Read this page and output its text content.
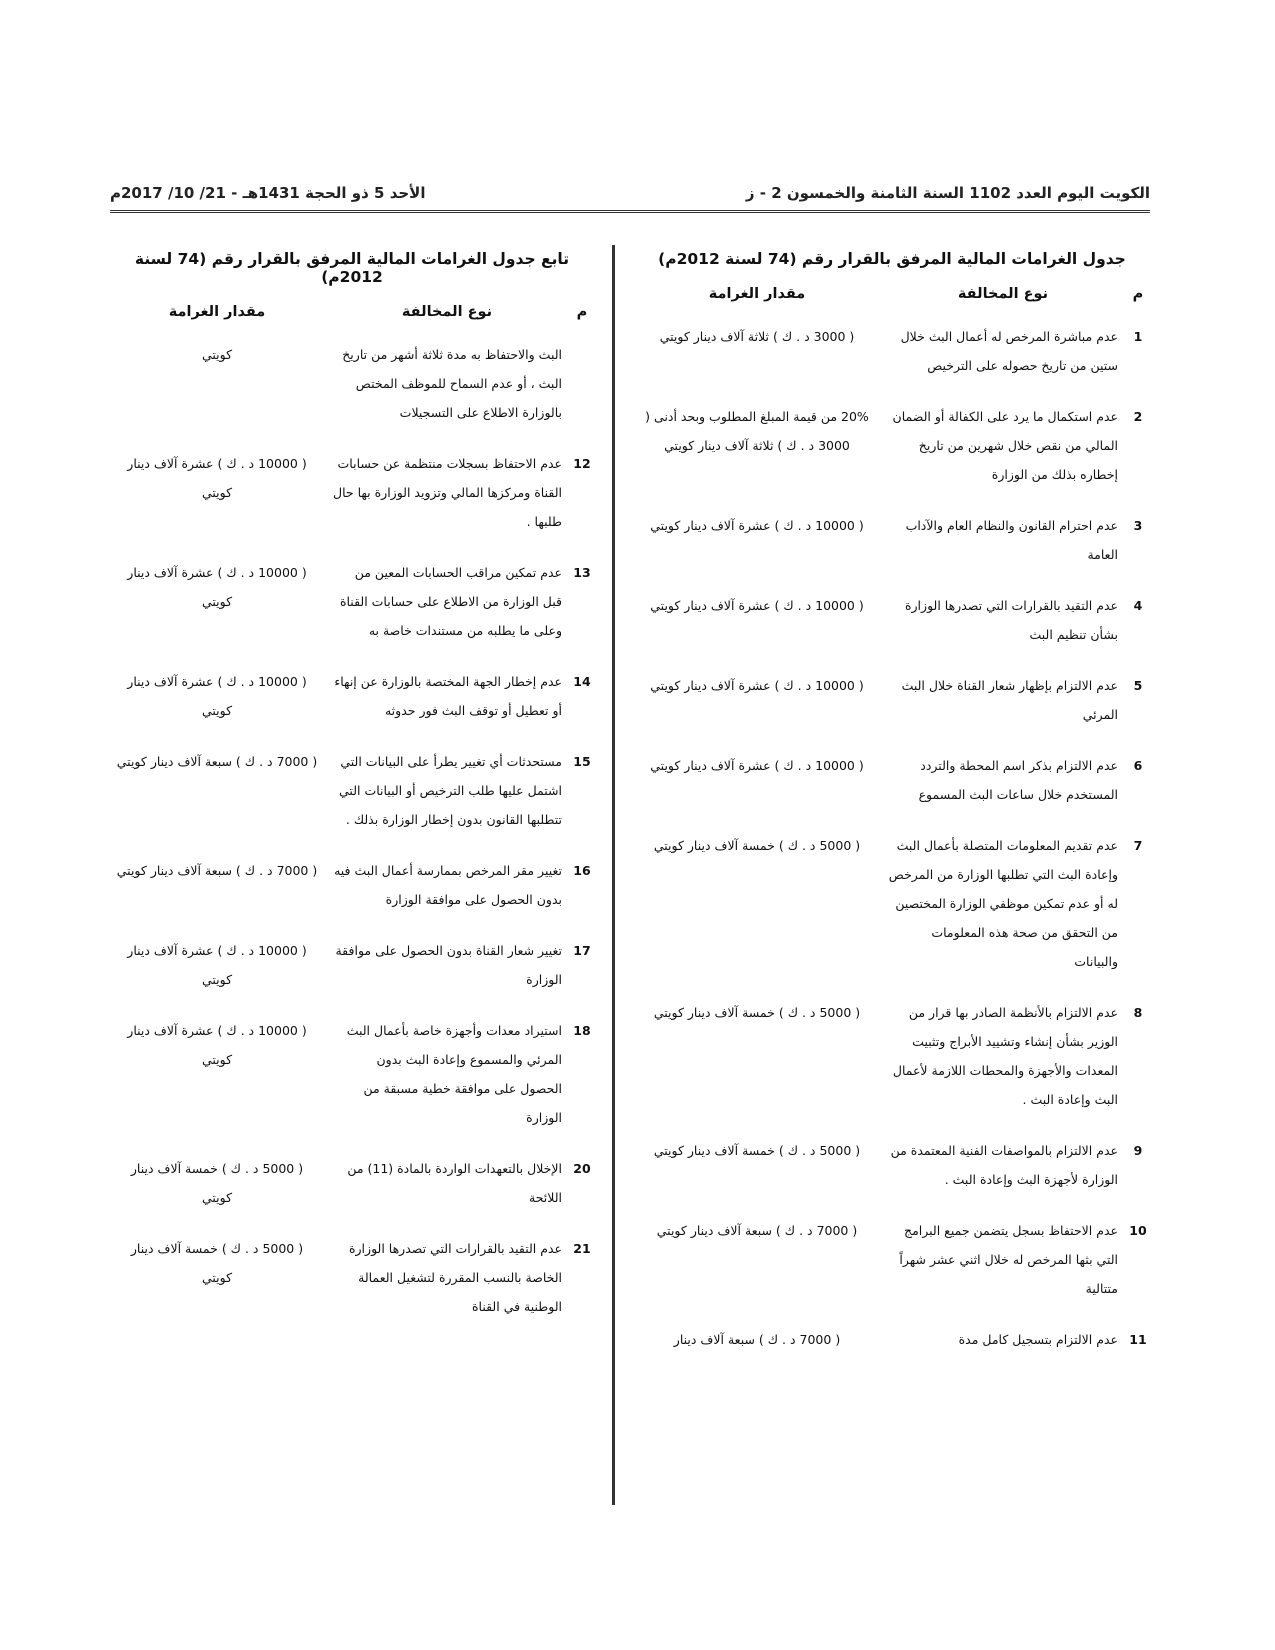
الكويت اليوم العدد 1102 السنة الثامنة والخمسون 2 - ز
الأحد 5 ذو الحجة 1431هـ - 21/ 10/ 2017م
جدول الغرامات المالية المرفق بالقرار رقم (74 لسنة 2012م)
م
نوع المخالفة
مقدار الغرامة
1
عدم مباشرة المرخص له أعمال البث خلال ستين من تاريخ حصوله على الترخيص
( 3000 د . ك ) ثلاثة آلاف دينار كويتي
2
عدم استكمال ما يرد على الكفالة أو الضمان المالي من نقص خلال شهرين من تاريخ إخطاره بذلك من الوزارة
20% من قيمة المبلغ المطلوب وبحد أدنى ( 3000 د . ك ) ثلاثة آلاف دينار كويتي
3
عدم احترام القانون والنظام العام والآداب العامة
( 10000 د . ك ) عشرة آلاف دينار كويتي
4
عدم التقيد بالقرارات التي تصدرها الوزارة بشأن تنظيم البث
( 10000 د . ك ) عشرة آلاف دينار كويتي
5
عدم الالتزام بإظهار شعار القناة خلال البث المرئي
( 10000 د . ك ) عشرة آلاف دينار كويتي
6
عدم الالتزام بذكر اسم المحطة والتردد المستخدم خلال ساعات البث المسموع
( 10000 د . ك ) عشرة آلاف دينار كويتي
7
عدم تقديم المعلومات المتصلة بأعمال البث وإعادة البث التي تطلبها الوزارة من المرخص له أو عدم تمكين موظفي الوزارة المختصين من التحقق من صحة هذه المعلومات والبيانات
( 5000 د . ك ) خمسة آلاف دينار كويتي
8
عدم الالتزام بالأنظمة الصادر بها قرار من الوزير بشأن إنشاء وتشييد الأبراج وتثبيت المعدات والأجهزة والمحطات اللازمة لأعمال البث وإعادة البث .
( 5000 د . ك ) خمسة آلاف دينار كويتي
9
عدم الالتزام بالمواصفات الفنية المعتمدة من الوزارة لأجهزة البث وإعادة البث .
( 5000 د . ك ) خمسة آلاف دينار كويتي
10
عدم الاحتفاظ بسجل يتضمن جميع البرامج التي بثها المرخص له خلال اثني عشر شهراً متتالية
( 7000 د . ك ) سبعة آلاف دينار كويتي
11
عدم الالتزام بتسجيل كامل مدة
( 7000 د . ك ) سبعة آلاف دينار
تابع جدول الغرامات المالية المرفق بالقرار رقم (74 لسنة 2012م)
م
نوع المخالفة
مقدار الغرامة
البث والاحتفاظ به مدة ثلاثة أشهر من تاريخ البث ، أو عدم السماح للموظف المختص بالوزارة الاطلاع على التسجيلات
كويتي
12
عدم الاحتفاظ بسجلات منتظمة عن حسابات القناة ومركزها المالي وتزويد الوزارة بها حال طلبها .
( 10000 د . ك ) عشرة آلاف دينار كويتي
13
عدم تمكين مراقب الحسابات المعين من قبل الوزارة من الاطلاع على حسابات القناة وعلى ما يطلبه من مستندات خاصة به
( 10000 د . ك ) عشرة آلاف دينار كويتي
14
عدم إخطار الجهة المختصة بالوزارة عن إنهاء أو تعطيل أو توقف البث فور حدوثه
( 10000 د . ك ) عشرة آلاف دينار كويتي
15
مستحدثات أي تغيير يطرأ على البيانات التي اشتمل عليها طلب الترخيص أو البيانات التي تتطلبها القانون بدون إخطار الوزارة بذلك .
( 7000 د . ك ) سبعة آلاف دينار كويتي
16
تغيير مقر المرخص بممارسة أعمال البث فيه بدون الحصول على موافقة الوزارة
( 7000 د . ك ) سبعة آلاف دينار كويتي
17
تغيير شعار القناة بدون الحصول على موافقة الوزارة
( 10000 د . ك ) عشرة آلاف دينار كويتي
18
استيراد معدات وأجهزة خاصة بأعمال البث المرئي والمسموع وإعادة البث بدون الحصول على موافقة خطية مسبقة من الوزارة
( 10000 د . ك ) عشرة آلاف دينار كويتي
20
الإخلال بالتعهدات الواردة بالمادة (11) من اللائحة
( 5000 د . ك ) خمسة آلاف دينار كويتي
21
عدم التقيد بالقرارات التي تصدرها الوزارة الخاصة بالنسب المقررة لتشغيل العمالة الوطنية في القناة
( 5000 د . ك ) خمسة آلاف دينار كويتي
